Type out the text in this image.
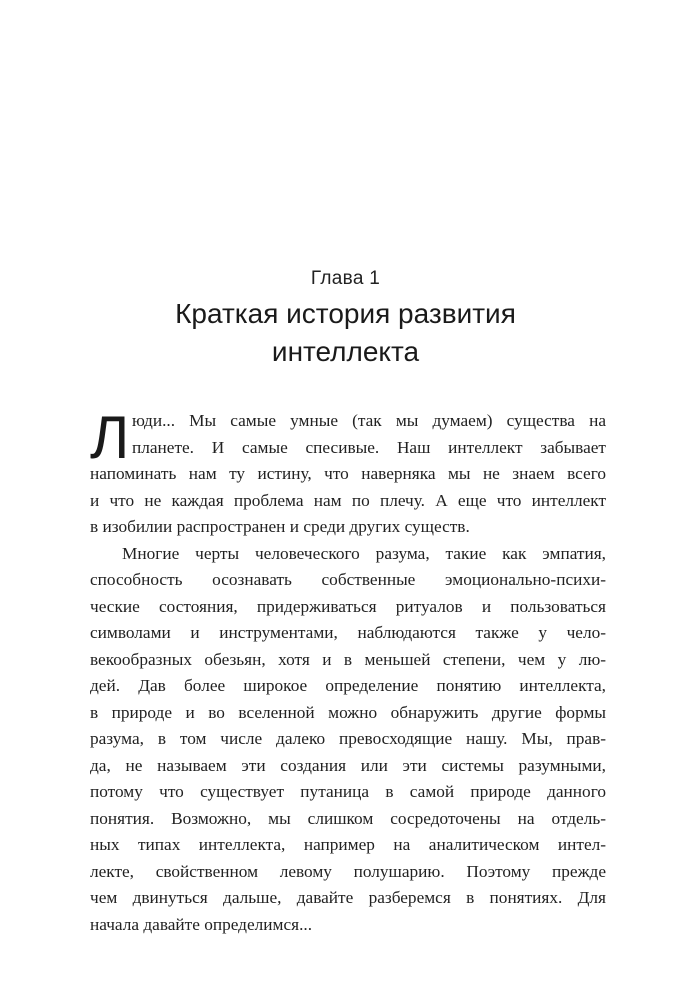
Глава 1
Краткая история развития
интеллекта
Л юди... Мы самые умные (так мы думаем) существа на
планете. И самые спесивые. Наш интеллект забывает
напоминать нам ту истину, что наверняка мы не знаем всего
и что не каждая проблема нам по плечу. А еще что интеллект
в изобилии распространен и среди других существ.
Многие черты человеческого разума, такие как эмпатия,
способность осознавать собственные эмоционально-психи-
ческие состояния, придерживаться ритуалов и пользоваться
символами и инструментами, наблюдаются также у чело-
векообразных обезьян, хотя и в меньшей степени, чем у лю-
дей. Дав более широкое определение понятию интеллекта,
в природе и во вселенной можно обнаружить другие формы
разума, в том числе далеко превосходящие нашу. Мы, прав-
да, не называем эти создания или эти системы разумными,
потому что существует путаница в самой природе данного
понятия. Возможно, мы слишком сосредоточены на отдель-
ных типах интеллекта, например на аналитическом интел-
лекте, свойственном левому полушарию. Поэтому прежде
чем двинуться дальше, давайте разберемся в понятиях. Для
начала давайте определимся...
